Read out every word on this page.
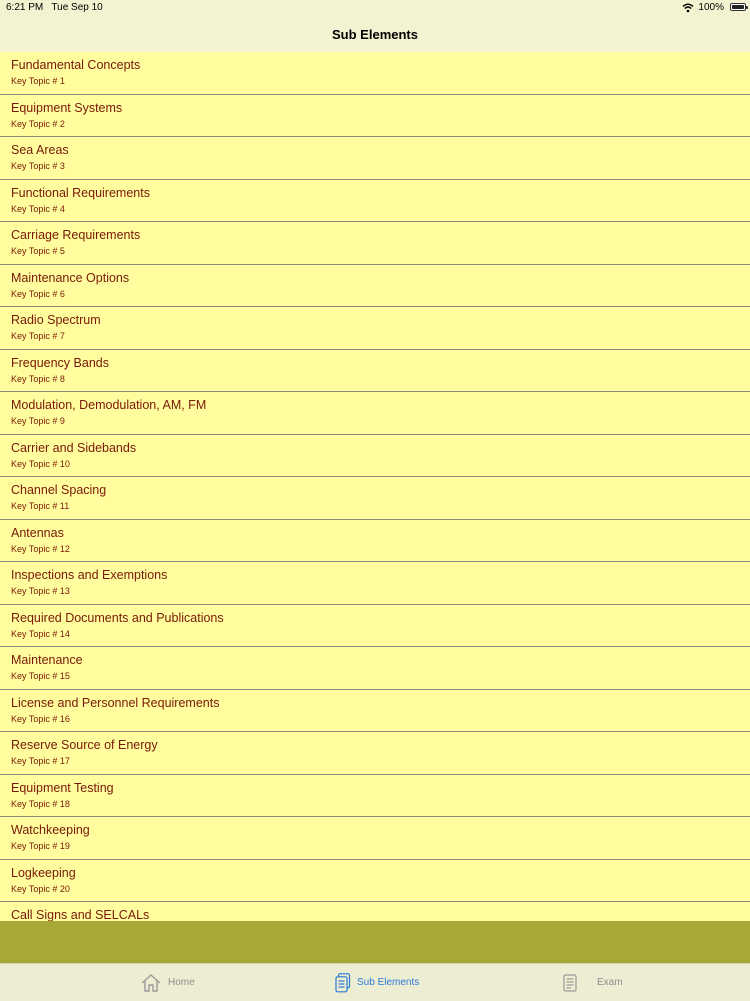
6:21 PM Tue Sep 10	100%
Sub Elements
Fundamental Concepts
Key Topic # 1
Equipment Systems
Key Topic # 2
Sea Areas
Key Topic # 3
Functional Requirements
Key Topic # 4
Carriage Requirements
Key Topic # 5
Maintenance Options
Key Topic # 6
Radio Spectrum
Key Topic # 7
Frequency Bands
Key Topic # 8
Modulation, Demodulation, AM, FM
Key Topic # 9
Carrier and Sidebands
Key Topic # 10
Channel Spacing
Key Topic # 11
Antennas
Key Topic # 12
Inspections and Exemptions
Key Topic # 13
Required Documents and Publications
Key Topic # 14
Maintenance
Key Topic # 15
License and Personnel Requirements
Key Topic # 16
Reserve Source of Energy
Key Topic # 17
Equipment Testing
Key Topic # 18
Watchkeeping
Key Topic # 19
Logkeeping
Key Topic # 20
Call Signs and SELCALs
Home	Sub Elements	Exam
